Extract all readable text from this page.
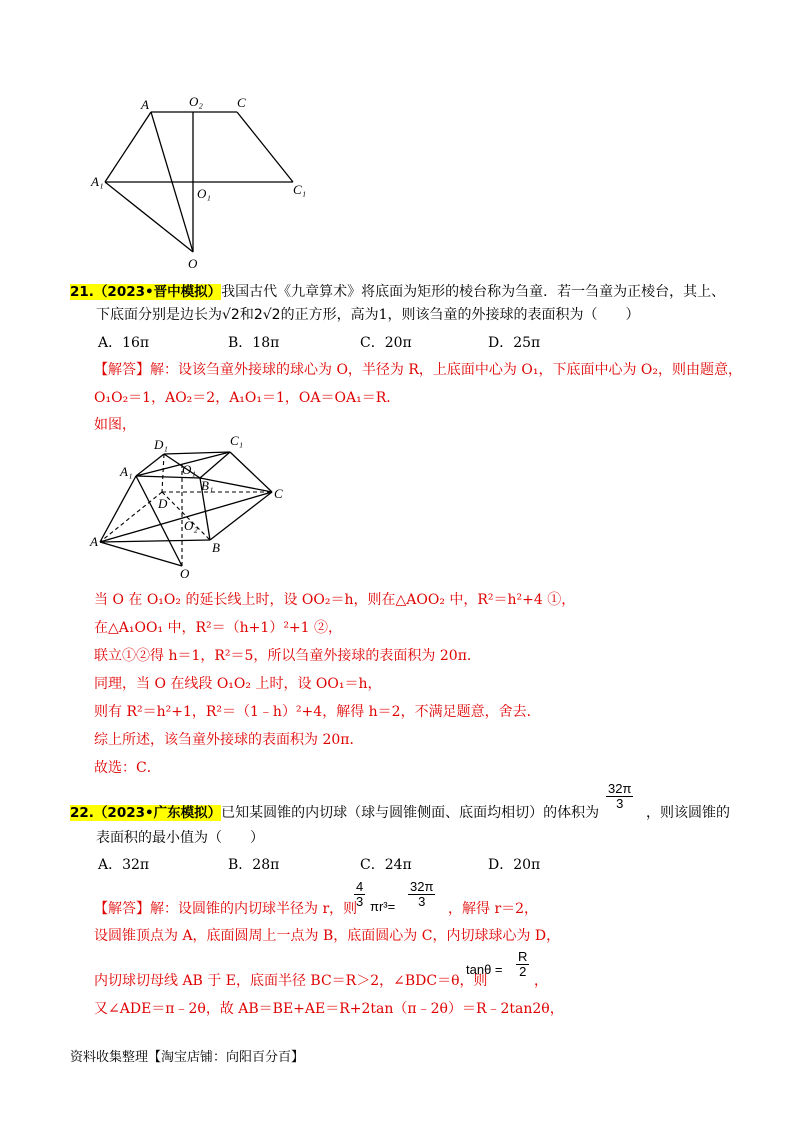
A	O₂	C
A₁
O₁	C₁
O
21.（2023•晋中模拟）我国古代《九章算术》将底面为矩形的棱台称为刍童．若一刍童为正棱台，其上、
下底面分别是边长为√2和2√2的正方形，高为1，则该刍童的外接球的表面积为（　　）
A．16π	B．18π	C．20π	D．25π
【解答】解：设该刍童外接球的球心为 O，半径为 R，上底面中心为 O₁，下底面中心为 O₂，则由题意，
O₁O₂＝1，AO₂＝2，A₁O₁＝1，OA＝OA₁＝R．
如图，
D₁	C₁
A₁	O₁
B₁
D
C
O₂
A	B
O
当 O 在 O₁O₂ 的延长线上时，设 OO₂＝h，则在△AOO₂ 中，R²＝h²+4 ①，
在△A₁OO₁ 中，R²＝（h+1）²+1 ②，
联立①②得 h＝1，R²＝5，所以刍童外接球的表面积为 20π．
同理，当 O 在线段 O₁O₂ 上时，设 OO₁＝h，
则有 R²＝h²+1，R²＝（1﹣h）²+4，解得 h＝2，不满足题意，舍去．
综上所述，该刍童外接球的表面积为 20π．
故选：C．
22.（2023•广东模拟）已知某圆锥的内切球（球与圆锥侧面、底面均相切）的体积为
$\frac{32\pi}{3}$
，则该圆锥的
表面积的最小值为（　　）
A．32π	B．28π	C．24π	D．20π
【解答】解：设圆锥的内切球半径为 r，则
$\frac{4}{3} \pi r^3= \frac{32\pi}{3}$ ，解得 r＝2，
设圆锥顶点为 A，底面圆周上一点为 B，底面圆心为 C，内切球球心为 D，
内切球切母线 AB 于 E，底面半径 BC＝R＞2，∠BDC＝θ，则
$\tan\theta = \frac{R}{2}$
，
又∠ADE＝π﹣2θ，故 AB＝BE+AE＝R+2tan（π﹣2θ）＝R﹣2tan2θ，
资料收集整理【淘宝店铺：向阳百分百】
